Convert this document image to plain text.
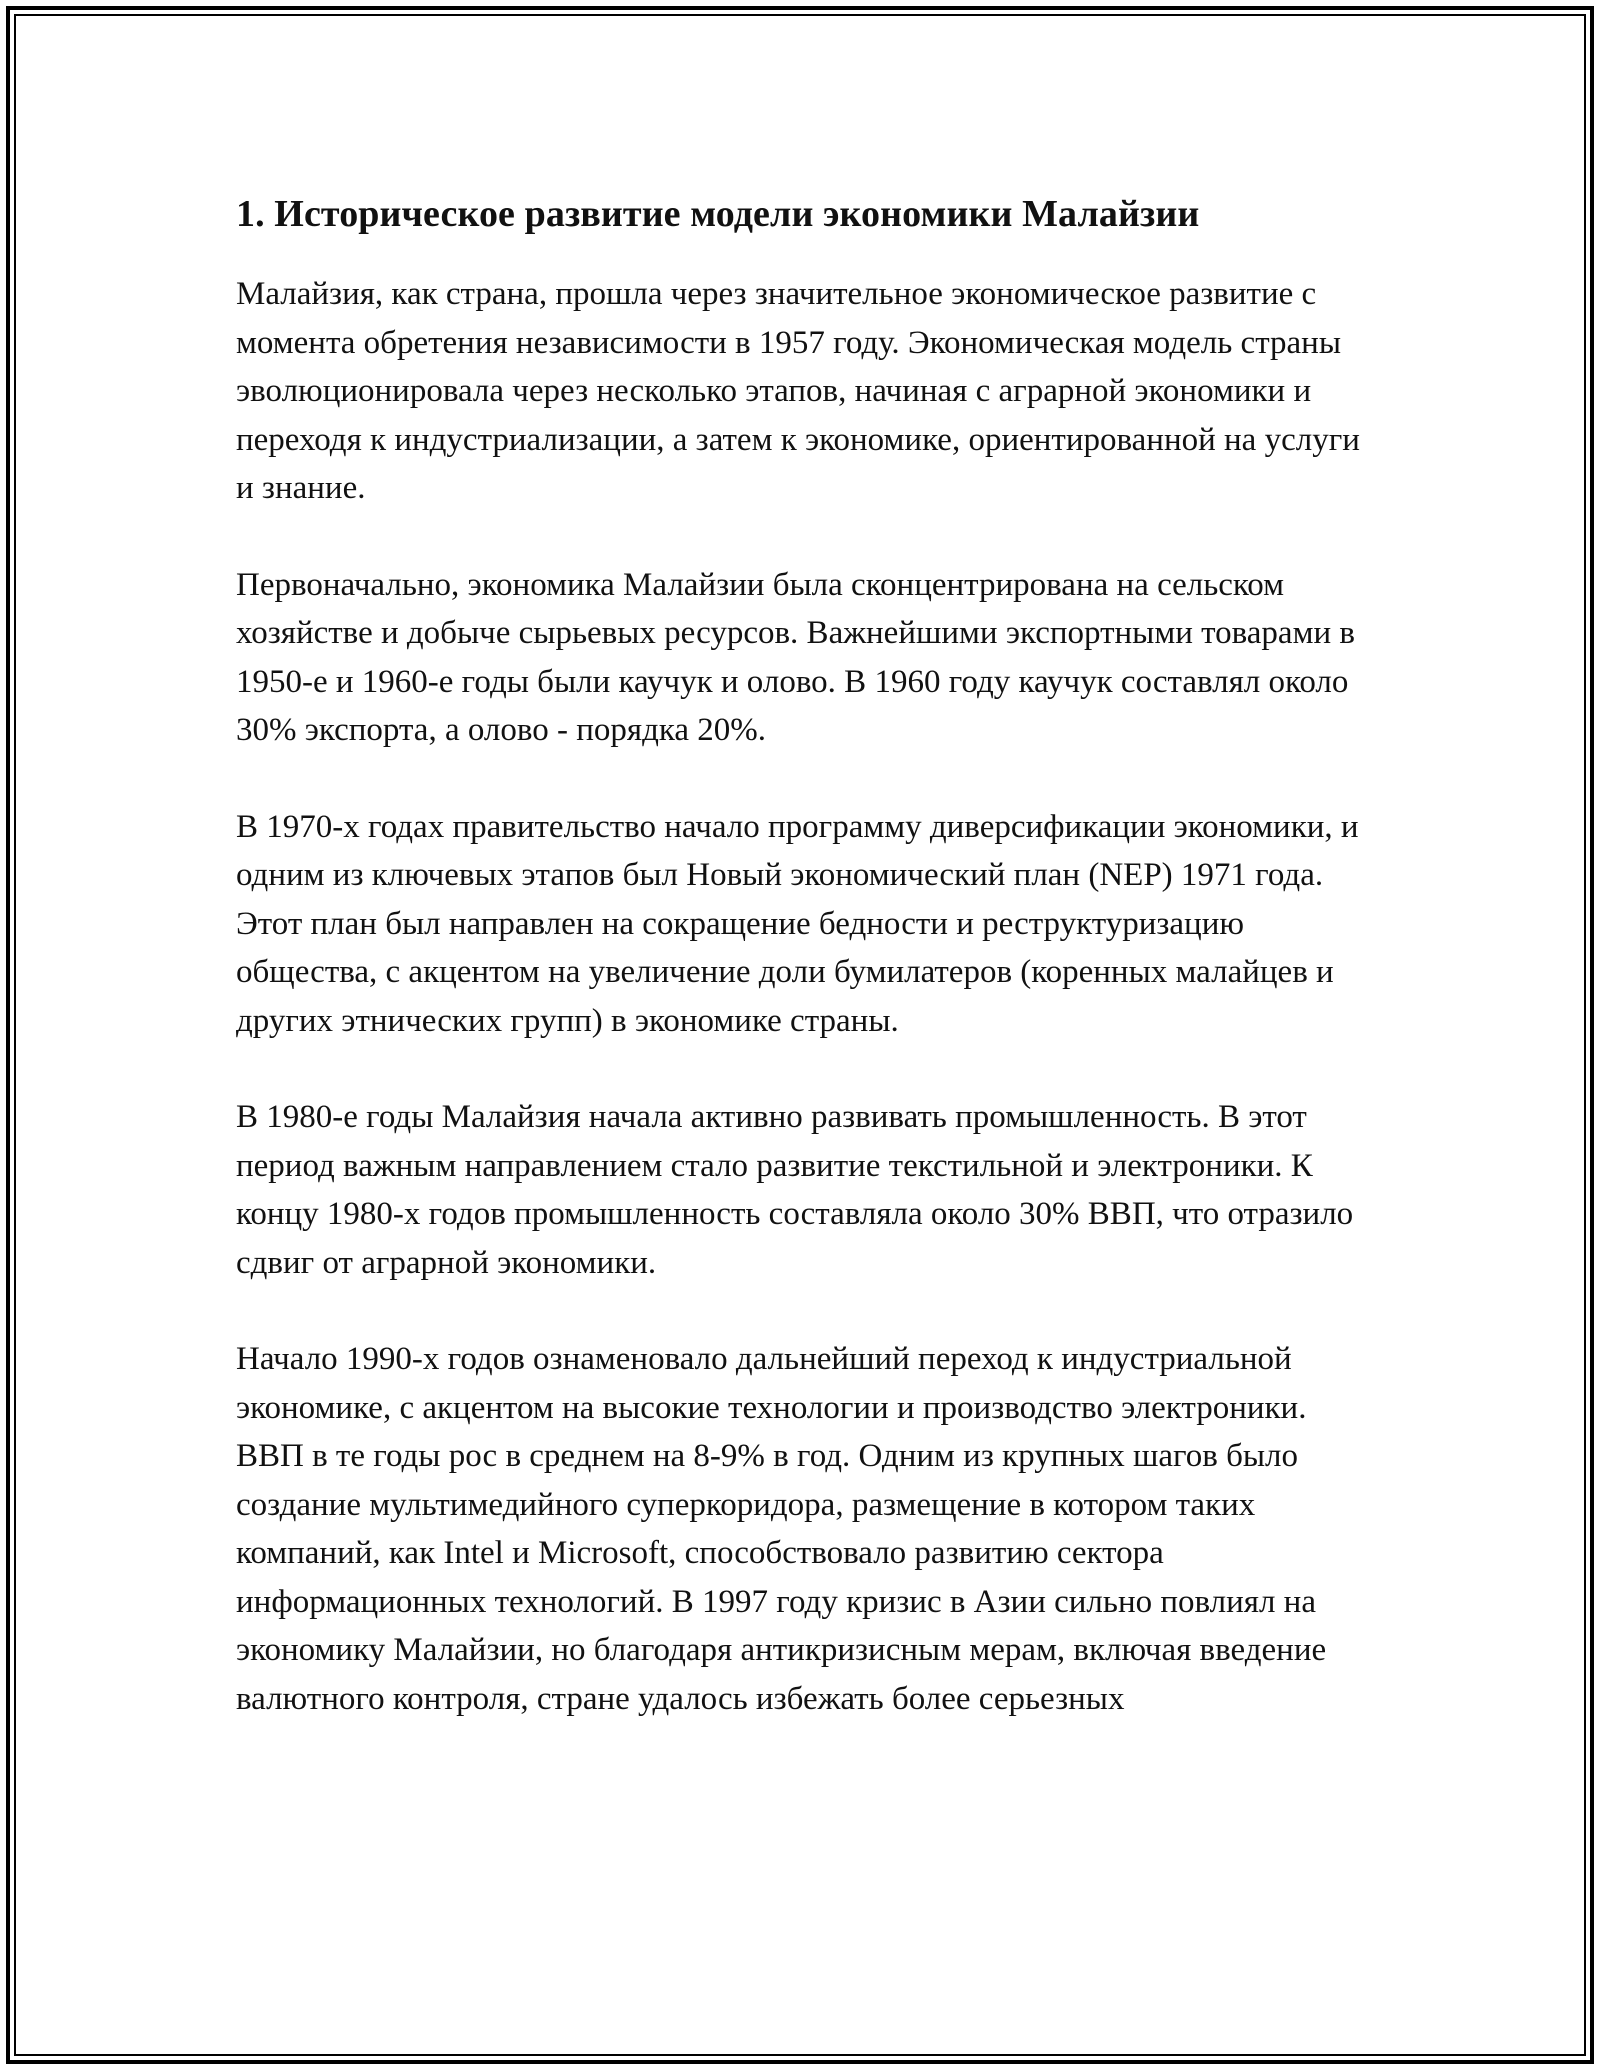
1. Историческое развитие модели экономики Малайзии

Малайзия, как страна, прошла через значительное экономическое развитие с момента обретения независимости в 1957 году. Экономическая модель страны эволюционировала через несколько этапов, начиная с аграрной экономики и переходя к индустриализации, а затем к экономике, ориентированной на услуги и знание.

Первоначально, экономика Малайзии была сконцентрирована на сельском хозяйстве и добыче сырьевых ресурсов. Важнейшими экспортными товарами в 1950-е и 1960-е годы были каучук и олово. В 1960 году каучук составлял около 30% экспорта, а олово - порядка 20%.

В 1970-х годах правительство начало программу диверсификации экономики, и одним из ключевых этапов был Новый экономический план (NEP) 1971 года. Этот план был направлен на сокращение бедности и реструктуризацию общества, с акцентом на увеличение доли бумилатеров (коренных малайцев и других этнических групп) в экономике страны.

В 1980-е годы Малайзия начала активно развивать промышленность. В этот период важным направлением стало развитие текстильной и электроники. К концу 1980-х годов промышленность составляла около 30% ВВП, что отразило сдвиг от аграрной экономики.

Начало 1990-х годов ознаменовало дальнейший переход к индустриальной экономике, с акцентом на высокие технологии и производство электроники. ВВП в те годы рос в среднем на 8-9% в год. Одним из крупных шагов было создание мультимедийного суперкоридора, размещение в котором таких компаний, как Intel и Microsoft, способствовало развитию сектора информационных технологий. В 1997 году кризис в Азии сильно повлиял на экономику Малайзии, но благодаря антикризисным мерам, включая введение валютного контроля, стране удалось избежать более серьезных
